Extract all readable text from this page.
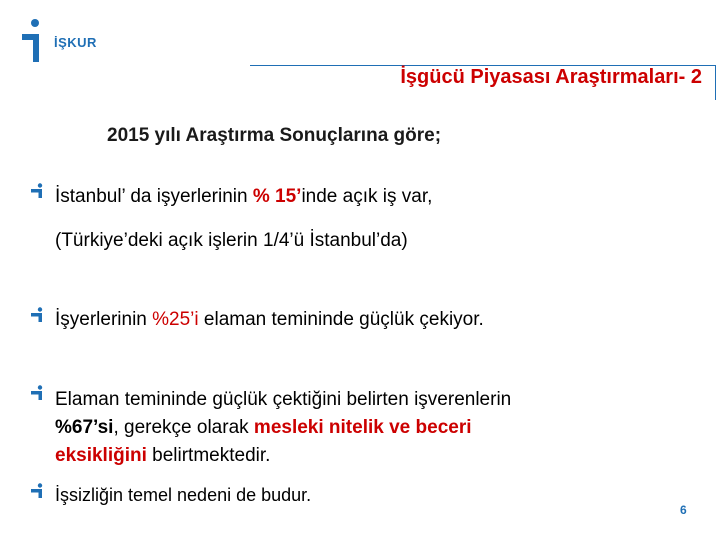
İŞKUR
İşgücü Piyasası Araştırmaları- 2
2015 yılı Araştırma Sonuçlarına göre;
İstanbul’ da işyerlerinin % 15’inde açık iş var,
(Türkiye’deki açık işlerin 1/4’ü İstanbul’da)
İşyerlerinin %25’i elaman temininde güçlük çekiyor.
Elaman temininde güçlük çektiğini belirten işverenlerin
%67’si, gerekçe olarak mesleki nitelik ve beceri
eksikliğini belirtmektedir.
İşsizliğin temel nedeni de budur.
6
